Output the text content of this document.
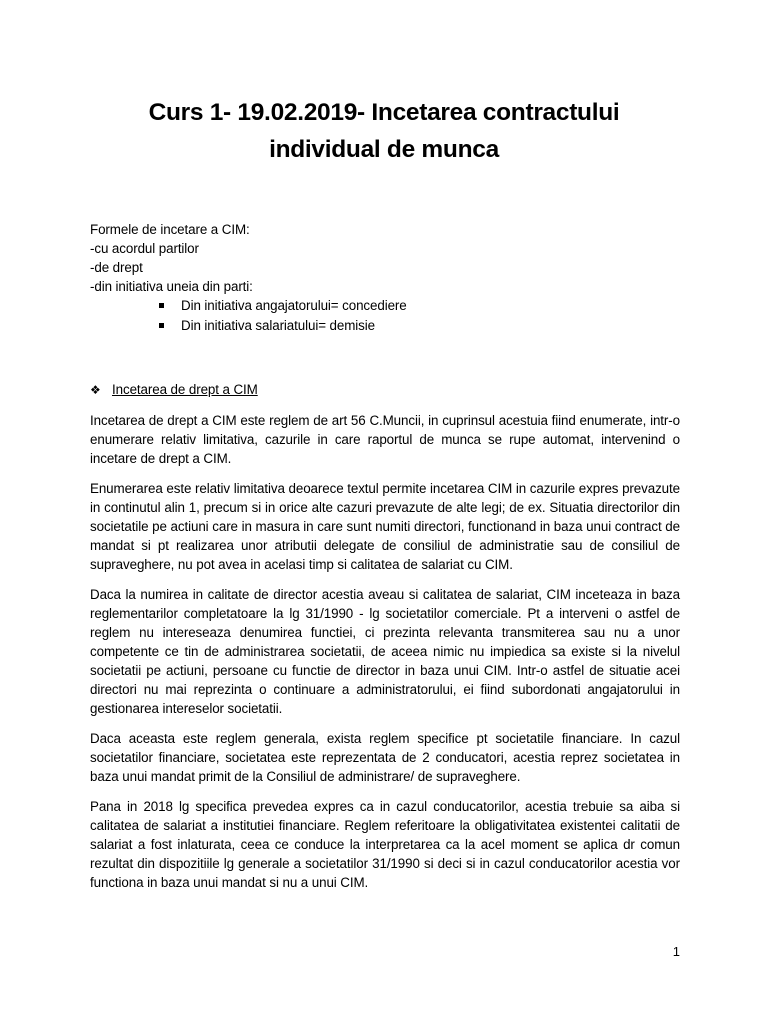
Curs 1- 19.02.2019- Incetarea contractului
individual de munca

Formele de incetare a CIM:

-cu acordul partilor

-de drept

-din initiativa uneia din parti:

Din initiativa angajatorului= concediere
Din initiativa salariatului= demisie
❖ Incetarea de drept a CIM

Incetarea de drept a CIM este reglem de art 56 C.Muncii, in cuprinsul acestuia fiind enumerate, intr-o enumerare relativ limitativa, cazurile in care raportul de munca se rupe automat, intervenind o incetare de drept a CIM.

Enumerarea este relativ limitativa deoarece textul permite incetarea CIM in cazurile expres prevazute in continutul alin 1, precum si in orice alte cazuri prevazute de alte legi; de ex. Situatia directorilor din societatile pe actiuni care in masura in care sunt numiti directori, functionand in baza unui contract de mandat si pt realizarea unor atributii delegate de consiliul de administratie sau de consiliul de supraveghere, nu pot avea in acelasi timp si calitatea de salariat cu CIM.

Daca la numirea in calitate de director acestia aveau si calitatea de salariat, CIM inceteaza in baza reglementarilor completatoare la lg 31/1990 - lg societatilor comerciale. Pt a interveni o astfel de reglem nu intereseaza denumirea functiei, ci prezinta relevanta transmiterea sau nu a unor competente ce tin de administrarea societatii, de aceea nimic nu impiedica sa existe si la nivelul societatii pe actiuni, persoane cu functie de director in baza unui CIM. Intr-o astfel de situatie acei directori nu mai reprezinta o continuare a administratorului, ei fiind subordonati angajatorului in gestionarea intereselor societatii.

Daca aceasta este reglem generala, exista reglem specifice pt societatile financiare. In cazul societatilor financiare, societatea este reprezentata de 2 conducatori, acestia reprez societatea in baza unui mandat primit de la Consiliul de administrare/ de supraveghere.

Pana in 2018 lg specifica prevedea expres ca in cazul conducatorilor, acestia trebuie sa aiba si calitatea de salariat a institutiei financiare. Reglem referitoare la obligativitatea existentei calitatii de salariat a fost inlaturata, ceea ce conduce la interpretarea ca la acel moment se aplica dr comun rezultat din dispozitiile lg generale a societatilor 31/1990 si deci si in cazul conducatorilor acestia vor functiona in baza unui mandat si nu a unui CIM.

1
